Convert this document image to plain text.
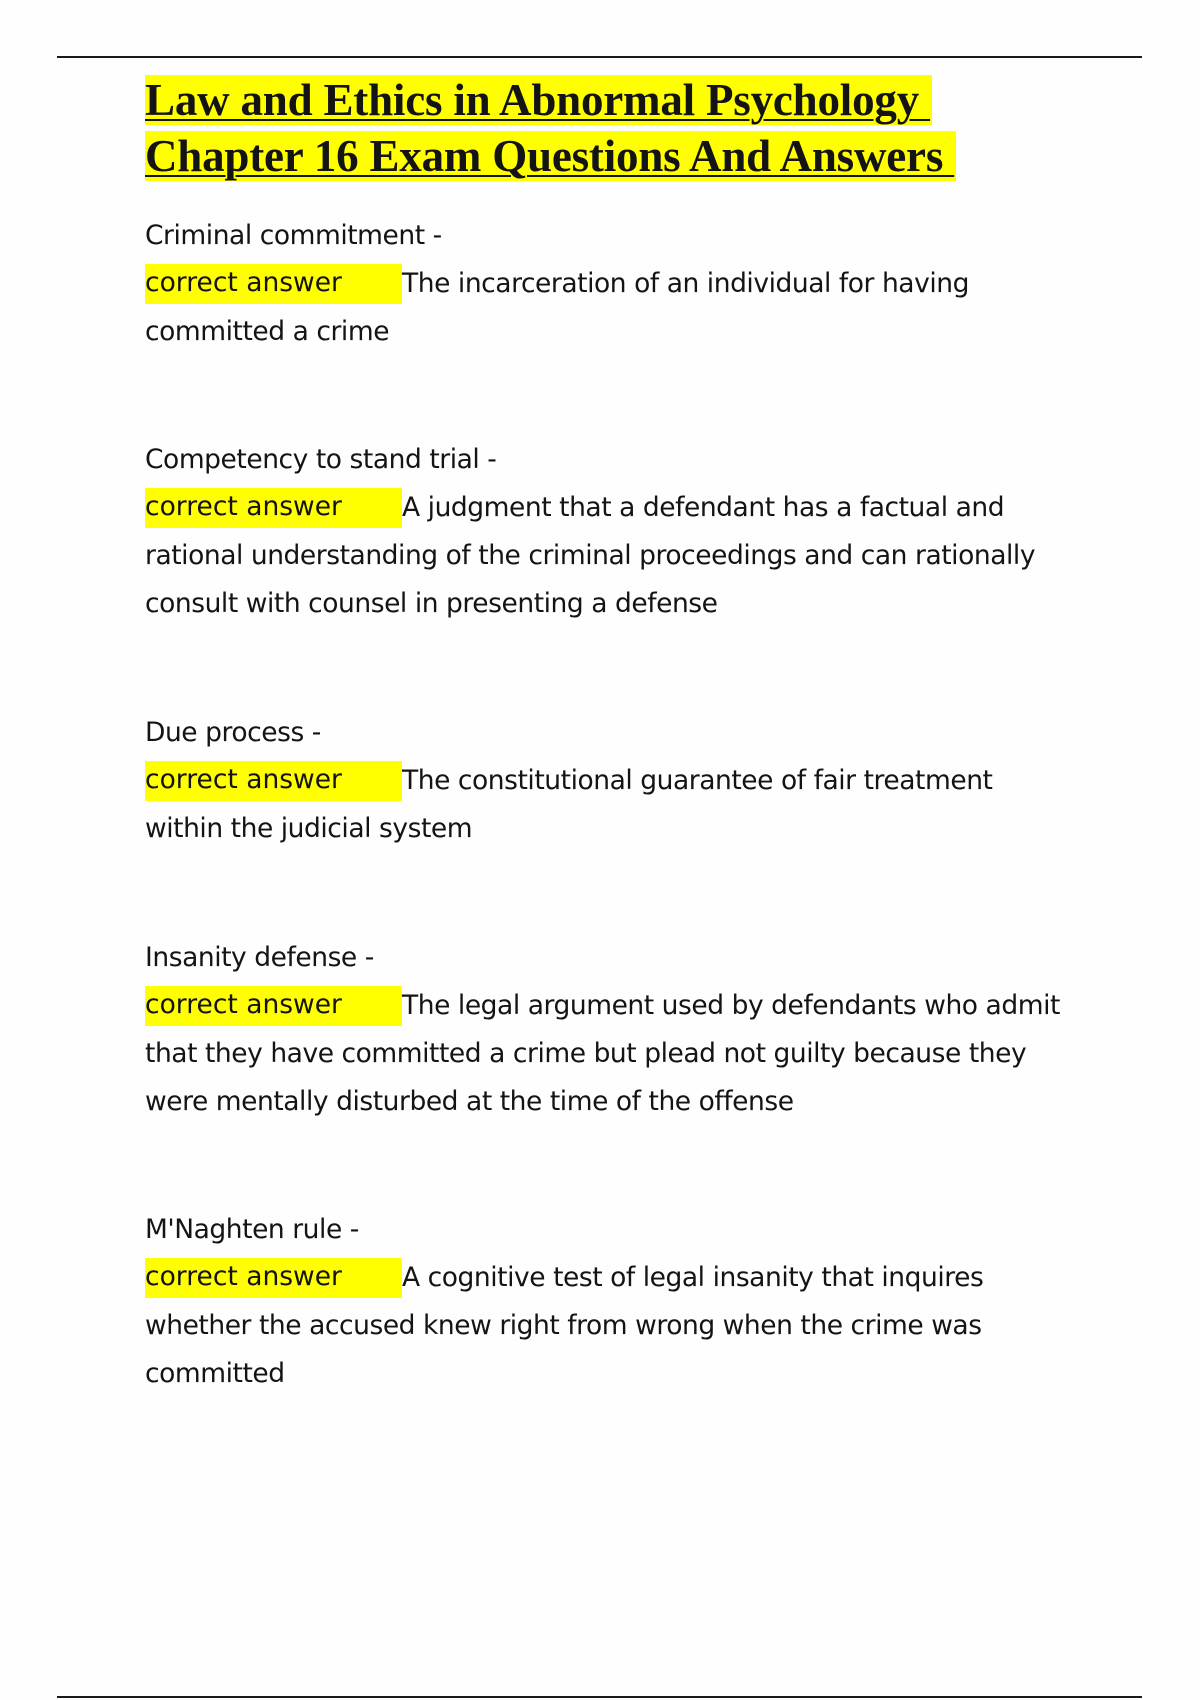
Law and Ethics in Abnormal Psychology
Chapter 16 Exam Questions And Answers
Criminal commitment -
correct answer The incarceration of an individual for having committed a crime
Competency to stand trial -
correct answer A judgment that a defendant has a factual and rational understanding of the criminal proceedings and can rationally consult with counsel in presenting a defense
Due process -
correct answer The constitutional guarantee of fair treatment within the judicial system
Insanity defense -
correct answer The legal argument used by defendants who admit that they have committed a crime but plead not guilty because they were mentally disturbed at the time of the offense
M'Naghten rule -
correct answer A cognitive test of legal insanity that inquires whether the accused knew right from wrong when the crime was committed
